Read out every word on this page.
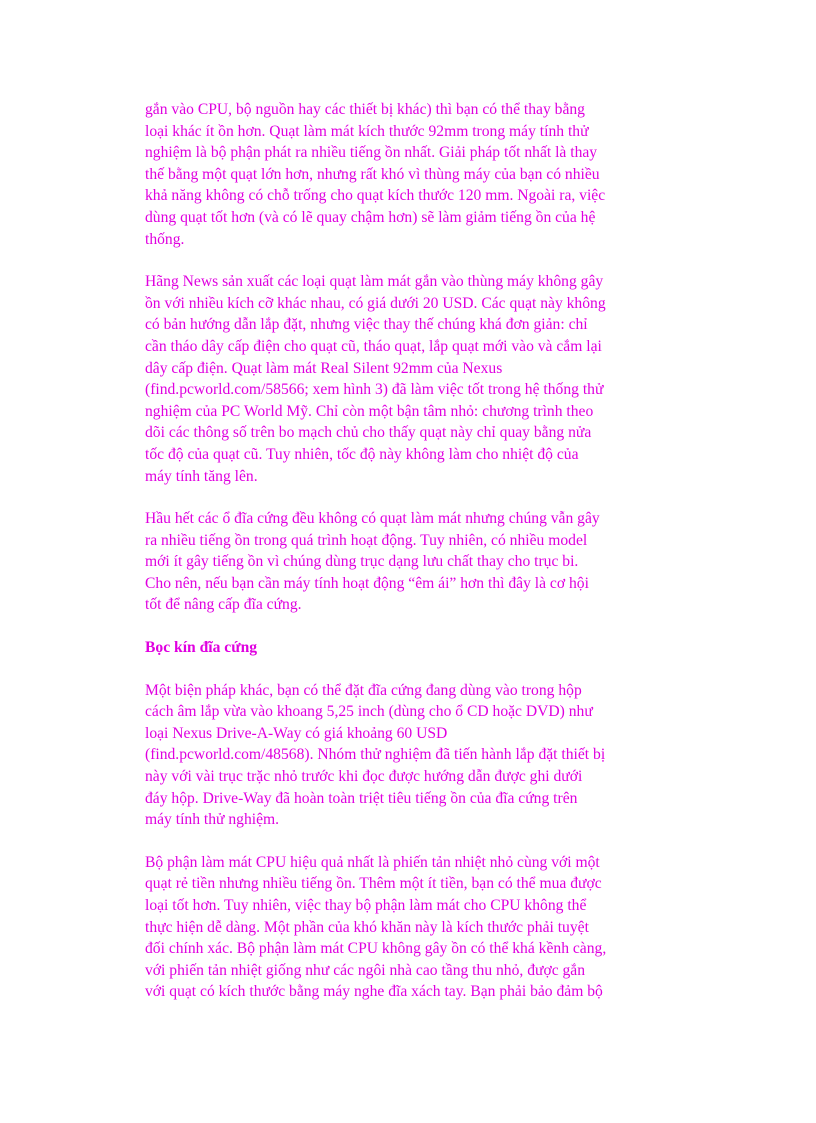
gắn vào CPU, bộ nguồn hay các thiết bị khác) thì bạn có thể thay bằng
loại khác ít ồn hơn. Quạt làm mát kích thước 92mm trong máy tính thử
nghiệm là bộ phận phát ra nhiều tiếng ồn nhất. Giải pháp tốt nhất là thay
thế bằng một quạt lớn hơn, nhưng rất khó vì thùng máy của bạn có nhiều
khả năng không có chỗ trống cho quạt kích thước 120 mm. Ngoài ra, việc
dùng quạt tốt hơn (và có lẽ quay chậm hơn) sẽ làm giảm tiếng ồn của hệ
thống.

Hãng News sản xuất các loại quạt làm mát gắn vào thùng máy không gây
ồn với nhiều kích cỡ khác nhau, có giá dưới 20 USD. Các quạt này không
có bản hướng dẫn lắp đặt, nhưng việc thay thế chúng khá đơn giản: chỉ
cần tháo dây cấp điện cho quạt cũ, tháo quạt, lắp quạt mới vào và cắm lại
dây cấp điện. Quạt làm mát Real Silent 92mm của Nexus
(find.pcworld.com/58566; xem hình 3) đã làm việc tốt trong hệ thống thử
nghiệm của PC World Mỹ. Chỉ còn một bận tâm nhỏ: chương trình theo
dõi các thông số trên bo mạch chủ cho thấy quạt này chỉ quay bằng nửa
tốc độ của quạt cũ. Tuy nhiên, tốc độ này không làm cho nhiệt độ của
máy tính tăng lên.

Hầu hết các ổ đĩa cứng đều không có quạt làm mát nhưng chúng vẫn gây
ra nhiều tiếng ồn trong quá trình hoạt động. Tuy nhiên, có nhiều model
mới ít gây tiếng ồn vì chúng dùng trục dạng lưu chất thay cho trục bi.
Cho nên, nếu bạn cần máy tính hoạt động “êm ái” hơn thì đây là cơ hội
tốt để nâng cấp đĩa cứng.

Bọc kín đĩa cứng

Một biện pháp khác, bạn có thể đặt đĩa cứng đang dùng vào trong hộp
cách âm lắp vừa vào khoang 5,25 inch (dùng cho ổ CD hoặc DVD) như
loại Nexus Drive-A-Way có giá khoảng 60 USD
(find.pcworld.com/48568). Nhóm thử nghiệm đã tiến hành lắp đặt thiết bị
này với vài trục trặc nhỏ trước khi đọc được hướng dẫn được ghi dưới
đáy hộp. Drive-Way đã hoàn toàn triệt tiêu tiếng ồn của đĩa cứng trên
máy tính thử nghiệm.

Bộ phận làm mát CPU hiệu quả nhất là phiến tản nhiệt nhỏ cùng với một
quạt rẻ tiền nhưng nhiều tiếng ồn. Thêm một ít tiền, bạn có thể mua được
loại tốt hơn. Tuy nhiên, việc thay bộ phận làm mát cho CPU không thể
thực hiện dễ dàng. Một phần của khó khăn này là kích thước phải tuyệt
đối chính xác. Bộ phận làm mát CPU không gây ồn có thể khá kềnh càng,
với phiến tản nhiệt giống như các ngôi nhà cao tầng thu nhỏ, được gắn
với quạt có kích thước bằng máy nghe đĩa xách tay. Bạn phải bảo đảm bộ
